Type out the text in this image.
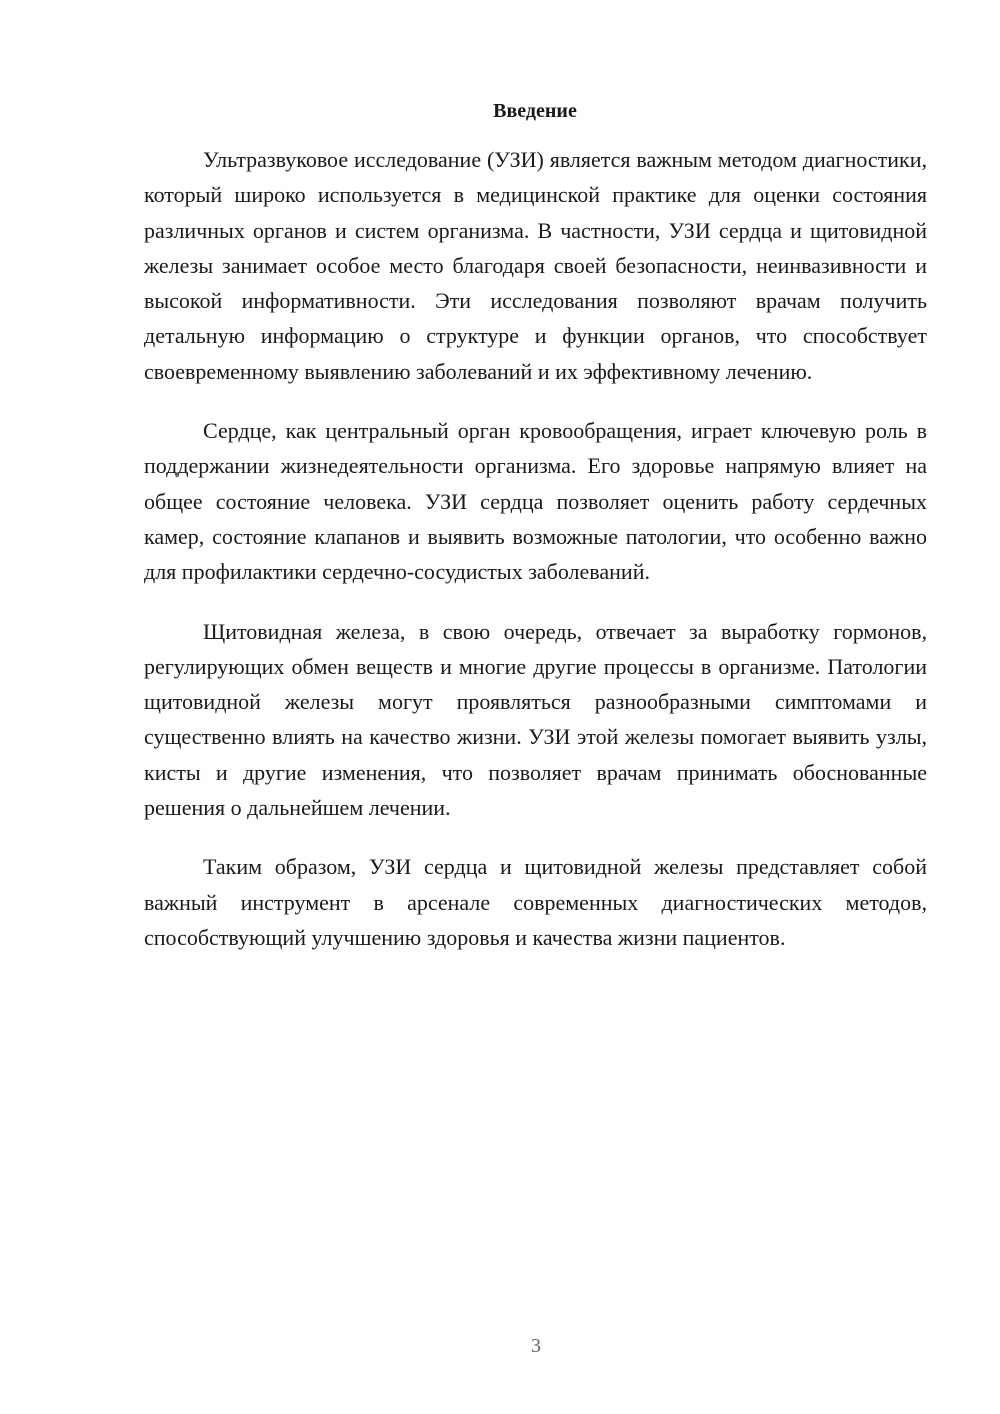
Введение

Ультразвуковое исследование (УЗИ) является важным методом диагностики, который широко используется в медицинской практике для оценки состояния различных органов и систем организма. В частности, УЗИ сердца и щитовидной железы занимает особое место благодаря своей безопасности, неинвазивности и высокой информативности. Эти исследования позволяют врачам получить детальную информацию о структуре и функции органов, что способствует своевременному выявлению заболеваний и их эффективному лечению.

Сердце, как центральный орган кровообращения, играет ключевую роль в поддержании жизнедеятельности организма. Его здоровье напрямую влияет на общее состояние человека. УЗИ сердца позволяет оценить работу сердечных камер, состояние клапанов и выявить возможные патологии, что особенно важно для профилактики сердечно-сосудистых заболеваний.

Щитовидная железа, в свою очередь, отвечает за выработку гормонов, регулирующих обмен веществ и многие другие процессы в организме. Патологии щитовидной железы могут проявляться разнообразными симптомами и существенно влиять на качество жизни. УЗИ этой железы помогает выявить узлы, кисты и другие изменения, что позволяет врачам принимать обоснованные решения о дальнейшем лечении.

Таким образом, УЗИ сердца и щитовидной железы представляет собой важный инструмент в арсенале современных диагностических методов, способствующий улучшению здоровья и качества жизни пациентов.

3
